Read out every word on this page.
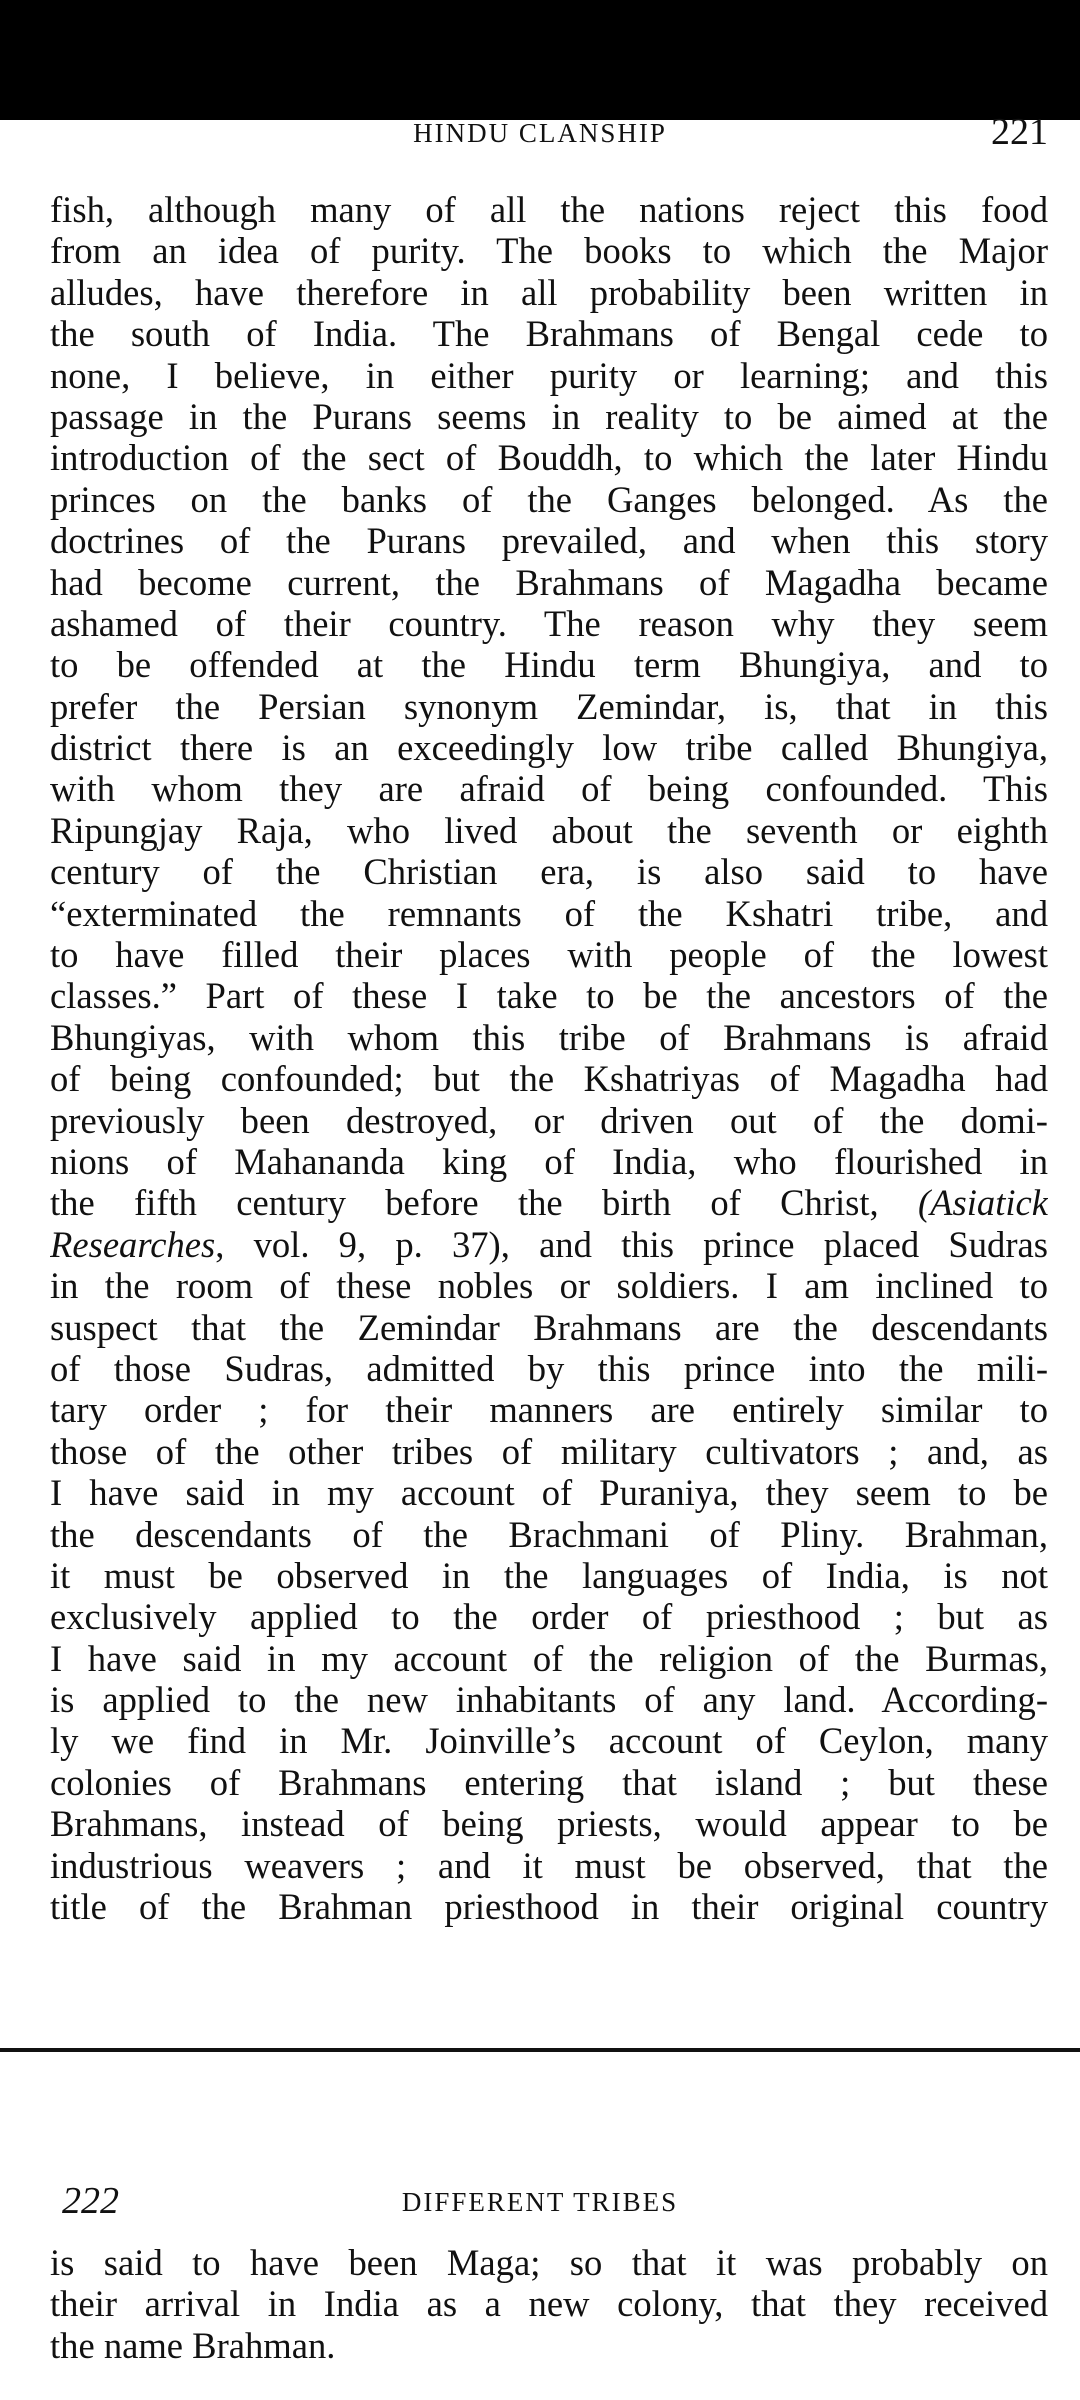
HINDU CLANSHIP	221
fish, although many of all the nations reject this food
from an idea of purity. The books to which the Major
alludes, have therefore in all probability been written in
the south of India. The Brahmans of Bengal cede to
none, I believe, in either purity or learning; and this
passage in the Purans seems in reality to be aimed at the
introduction of the sect of Bouddh, to which the later Hindu
princes on the banks of the Ganges belonged. As the
doctrines of the Purans prevailed, and when this story
had become current, the Brahmans of Magadha became
ashamed of their country. The reason why they seem
to be offended at the Hindu term Bhungiya, and to
prefer the Persian synonym Zemindar, is, that in this
district there is an exceedingly low tribe called Bhungiya,
with whom they are afraid of being confounded. This
Ripungjay Raja, who lived about the seventh or eighth
century of the Christian era, is also said to have
“exterminated the remnants of the Kshatri tribe, and
to have filled their places with people of the lowest
classes.” Part of these I take to be the ancestors of the
Bhungiyas, with whom this tribe of Brahmans is afraid
of being confounded; but the Kshatriyas of Magadha had
previously been destroyed, or driven out of the domi-
nions of Mahananda king of India, who flourished in
the fifth century before the birth of Christ, (Asiatick
Researches, vol. 9, p. 37), and this prince placed Sudras
in the room of these nobles or soldiers. I am inclined to
suspect that the Zemindar Brahmans are the descendants
of those Sudras, admitted by this prince into the mili-
tary order ; for their manners are entirely similar to
those of the other tribes of military cultivators ; and, as
I have said in my account of Puraniya, they seem to be
the descendants of the Brachmani of Pliny. Brahman,
it must be observed in the languages of India, is not
exclusively applied to the order of priesthood ; but as
I have said in my account of the religion of the Burmas,
is applied to the new inhabitants of any land. According-
ly we find in Mr. Joinville’s account of Ceylon, many
colonies of Brahmans entering that island ; but these
Brahmans, instead of being priests, would appear to be
industrious weavers ; and it must be observed, that the
title of the Brahman priesthood in their original country
222	DIFFERENT TRIBES
is said to have been Maga; so that it was probably on
their arrival in India as a new colony, that they received
the name Brahman.
